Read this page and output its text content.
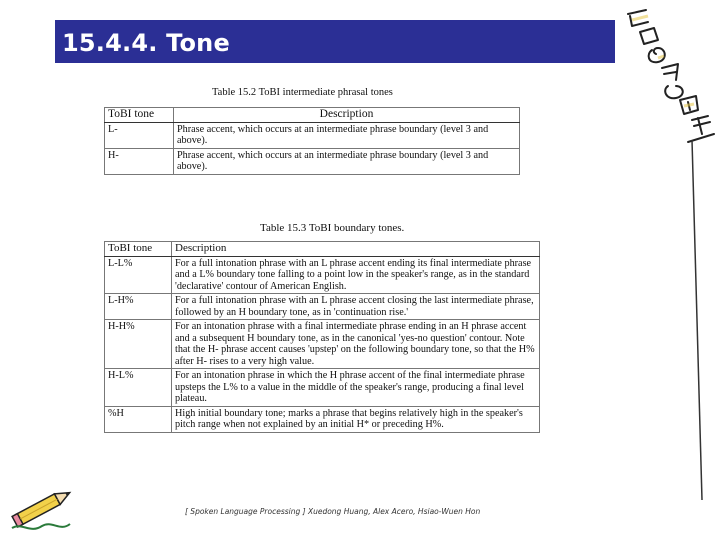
15.4.4. Tone
Table 15.2 ToBI intermediate phrasal tones
ToBI tone	Description
L-	Phrase accent, which occurs at an intermediate phrase boundary (level 3 and above).
H-	Phrase accent, which occurs at an intermediate phrase boundary (level 3 and above).
Table 15.3 ToBI boundary tones.
ToBI tone	Description
L-L%	For a full intonation phrase with an L phrase accent ending its final intermediate phrase and a L% boundary tone falling to a point low in the speaker's range, as in the standard 'declarative' contour of American English.
L-H%	For a full intonation phrase with an L phrase accent closing the last intermediate phrase, followed by an H boundary tone, as in 'continuation rise.'
H-H%	For an intonation phrase with a final intermediate phrase ending in an H phrase accent and a subsequent H boundary tone, as in the canonical 'yes-no question' contour. Note that the H- phrase accent causes 'upstep' on the following boundary tone, so that the H% after H- rises to a very high value.
H-L%	For an intonation phrase in which the H phrase accent of the final intermediate phrase upsteps the L% to a value in the middle of the speaker's range, producing a final level plateau.
%H	High initial boundary tone; marks a phrase that begins relatively high in the speaker's pitch range when not explained by an initial H* or preceding H%.
[ Spoken Language Processing ] Xuedong Huang, Alex Acero, Hsiao-Wuen Hon
